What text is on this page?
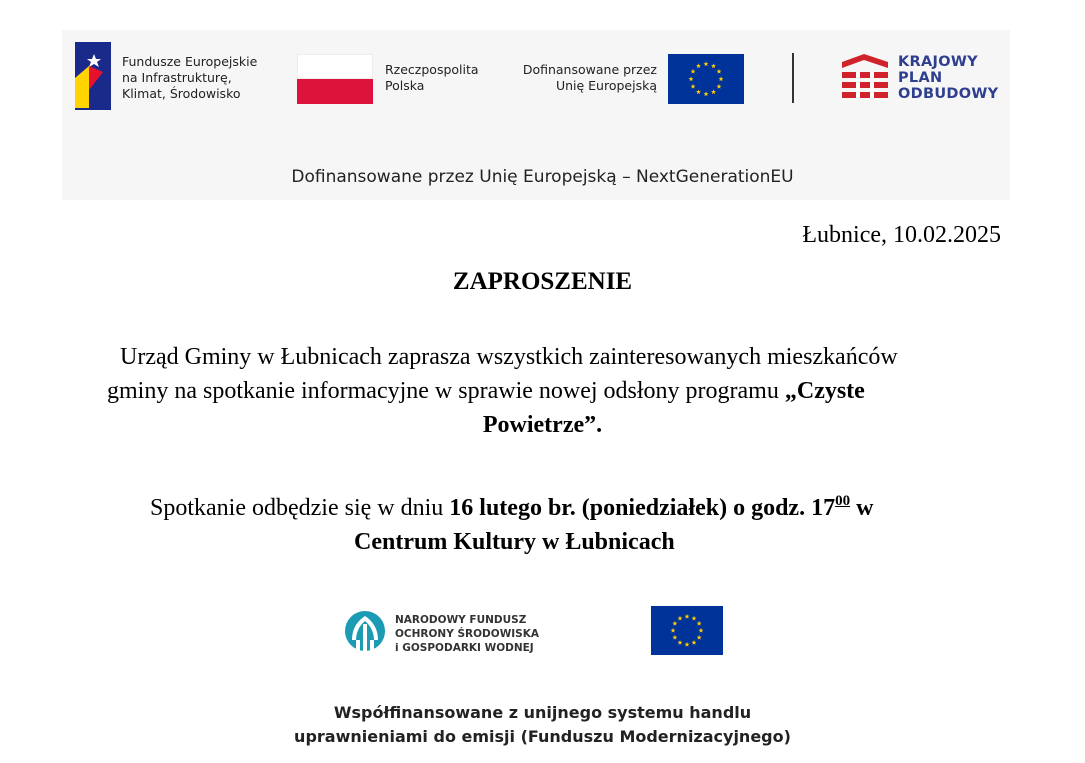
Fundusze Europejskie
na Infrastrukturę,
Klimat, Środowisko
Rzeczpospolita
Polska
Dofinansowane przez
Unię Europejską
KRAJOWY
PLAN
ODBUDOWY
Dofinansowane przez Unię Europejską – NextGenerationEU
Łubnice, 10.02.2025
ZAPROSZENIE
Urząd Gminy w Łubnicach zaprasza wszystkich zainteresowanych mieszkańców
gminy na spotkanie informacyjne w sprawie nowej odsłony programu „Czyste
Powietrze”.
Spotkanie odbędzie się w dniu 16 lutego br. (poniedziałek) o godz. $17^{00}$ w
Centrum Kultury w Łubnicach
NARODOWY FUNDUSZ
OCHRONY ŚRODOWISKA
i GOSPODARKI WODNEJ
Współfinansowane z unijnego systemu handlu
uprawnieniami do emisji (Funduszu Modernizacyjnego)
